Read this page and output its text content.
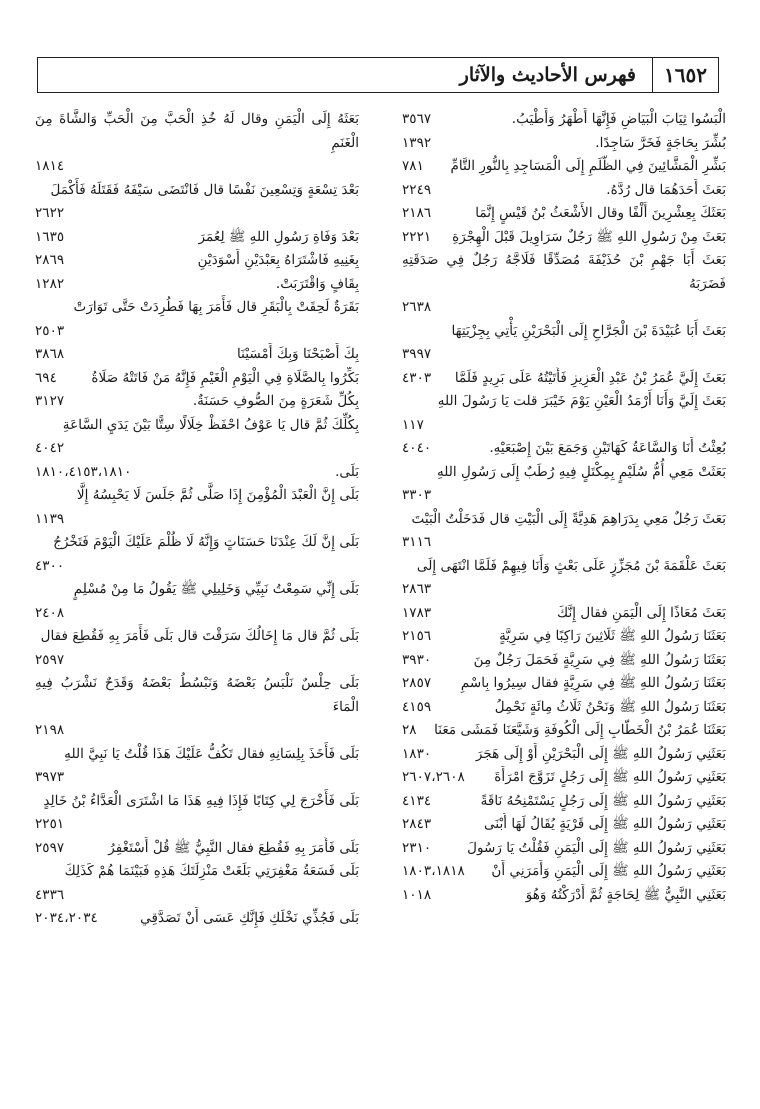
١٦٥٢
فهرس الأحاديث والآثار
الْبَسُوا ثِيَابَ الْبَيَاضِ فَإِنَّهَا أَطْهَرُ وَأَطْيَبُ.
٣٥٦٧
بُشِّرَ بِحَاجَةٍ فَخَرَّ سَاجِدًا.
١٣٩٢
بَشِّرِ الْمَشَّائِينَ فِي الظُّلَمِ إِلَى الْمَسَاجِدِ بِالنُّورِ التَّامِّ
٧٨١
بَعَثَ أَحَدَهُمَا قال رُدَّهُ.
٢٢٤٩
بَعَثَكَ بِعِشْرِينَ أَلْفًا وقال الأَشْعَثُ بْنُ قَيْسٍ إِنَّمَا
٢١٨٦
بَعَثَ مِنْ رَسُولِ اللهِ ﷺ رَجُلٌ سَرَاوِيلَ قَبْلَ الْهِجْرَةِ
٢٢٢١
بَعَثَ أَبَا جَهْمِ بْنَ حُذَيْفَةَ مُصَدِّقًا فَلَاجَّهُ رَجُلٌ فِي صَدَقَتِهِ فَضَرَبَهُ
٢٦٣٨
بَعَثَ أَبَا عُبَيْدَةَ بْنَ الْجَرَّاحِ إِلَى الْبَحْرَيْنِ يَأْتِي بِجِزْيَتِهَا
٣٩٩٧
بَعَثَ إِلَيَّ عُمَرُ بْنُ عَبْدِ الْعَزِيزِ فَأَتَيْتُهُ عَلَى بَرِيدٍ فَلَمَّا
٤٣٠٣
بَعَثَ إِلَيَّ وَأَنَا أَرْمَدُ الْعَيْنِ يَوْمَ خَيْبَرَ قلت يَا رَسُولَ اللهِ
١١٧
بُعِثْتُ أَنَا وَالسَّاعَةُ كَهَاتَيْنِ وَجَمَعَ بَيْنَ إِصْبَعَيْهِ.
٤٠٤٠
بَعَثَتْ مَعِي أُمُّ سُلَيْمٍ بِمِكْتَلٍ فِيهِ رُطَبٌ إِلَى رَسُولِ اللهِ
٣٣٠٣
بَعَثَ رَجُلٌ مَعِي بِدَرَاهِمَ هَدِيَّةً إِلَى الْبَيْتِ قال فَدَخَلْتُ الْبَيْتَ
٣١١٦
بَعَثَ عَلْقَمَةَ بْنَ مُجَزِّزٍ عَلَى بَعْثٍ وَأَنَا فِيهِمْ فَلَمَّا انْتَهَى إِلَى
٢٨٦٣
بَعَثَ مُعَاذًا إِلَى الْيَمَنِ فقال إِنَّكَ
١٧٨٣
بَعَثَنَا رَسُولُ اللهِ ﷺ ثَلَاثِينَ رَاكِبًا فِي سَرِيَّةٍ
٢١٥٦
بَعَثَنَا رَسُولُ اللهِ ﷺ فِي سَرِيَّةٍ فَحَمَلَ رَجُلٌ مِنَ
٣٩٣٠
بَعَثَنَا رَسُولُ اللهِ ﷺ فِي سَرِيَّةٍ فقال سِيرُوا بِاسْمِ
٢٨٥٧
بَعَثَنَا رَسُولُ اللهِ ﷺ وَنَحْنُ ثَلَاثُ مِائَةٍ نَحْمِلُ
٤١٥٩
بَعَثَنَا عُمَرُ بْنُ الْخَطَّابِ إِلَى الْكُوفَةِ وَشَيَّعَنَا فَمَشَى مَعَنَا
٢٨
بَعَثَنِي رَسُولُ اللهِ ﷺ إِلَى الْبَحْرَيْنِ أَوْ إِلَى هَجَرَ
١٨٣٠
بَعَثَنِي رَسُولُ اللهِ ﷺ إِلَى رَجُلٍ تَزَوَّجَ امْرَأَةَ
٢٦٠٧،٢٦٠٨
بَعَثَنِي رَسُولُ اللهِ ﷺ إِلَى رَجُلٍ يَسْتَمْنِحُهُ نَاقَةً
٤١٣٤
بَعَثَنِي رَسُولُ اللهِ ﷺ إِلَى قَرْيَةٍ يُقَالُ لَهَا أُبْنَى
٢٨٤٣
بَعَثَنِي رَسُولُ اللهِ ﷺ إِلَى الْيَمَنِ فَقُلْتُ يَا رَسُولَ
٢٣١٠
بَعَثَنِي رَسُولُ اللهِ ﷺ إِلَى الْيَمَنِ وَأَمَرَنِي أَنْ
١٨٠٣،١٨١٨
بَعَثَنِي النَّبِيُّ ﷺ لِحَاجَةٍ ثُمَّ أَدْرَكْتُهُ وَهُوَ
١٠١٨
بَعَثَهُ إِلَى الْيَمَنِ وقال لَهُ خُذِ الْحَبَّ مِنَ الْحَبِّ وَالشَّاةَ مِنَ الْغَنَمِ
١٨١٤
بَعْدَ تِسْعَةٍ وَتِسْعِينَ نَفْسًا قال فَانْتَضَى سَيْفَهُ فَقَتَلَهُ فَأَكْمَلَ
٢٦٢٢
بَعْدَ وَفَاةِ رَسُولِ اللهِ ﷺ لِعُمَرَ
١٦٣٥
بِغَنِيهِ فَاشْتَرَاهُ بِعَبْدَيْنِ أَسْوَدَيْنِ
٢٨٦٩
بِقَافٍ وَاقْتَرَبَتْ.
١٢٨٢
بَقَرَةٌ لَحِقَتْ بِالْبَقَرِ قال فَأَمَرَ بِهَا فَطُرِدَتْ حَتَّى تَوَارَتْ
٢٥٠٣
بِكَ أَصْبَحْنَا وَبِكَ أَمْسَيْنَا
٣٨٦٨
بَكِّرُوا بِالصَّلَاةِ فِي الْيَوْمِ الْغَيْمِ فَإِنَّهُ مَنْ فَاتَتْهُ صَلَاةُ
٦٩٤
بِكُلِّ شَعَرَةٍ مِنَ الصُّوفِ حَسَنَةٌ.
٣١٢٧
بِكُلِّكَ ثُمَّ قال يَا عَوْفُ احْفَظْ خِلَالًا سِتًّا بَيْنَ يَدَيِ السَّاعَةِ
٤٠٤٢
بَلَى.
١٨١٠،٤١٥٣،١٨١٠
بَلَى إِنَّ الْعَبْدَ الْمُؤْمِنَ إِذَا صَلَّى ثُمَّ جَلَسَ لَا يَحْبِسُهُ إِلَّا
١١٣٩
بَلَى إِنَّ لَكَ عِنْدَنَا حَسَنَاتٍ وَإِنَّهُ لَا ظُلْمَ عَلَيْكَ الْيَوْمَ فَتَخْرُجُ
٤٣٠٠
بَلَى إِنِّي سَمِعْتُ نَبِيِّي وَخَلِيلِي ﷺ يَقُولُ مَا مِنْ مُسْلِمٍ
٢٤٠٨
بَلَى ثُمَّ قال مَا إِخَالُكَ سَرَقْتَ قال بَلَى فَأَمَرَ بِهِ فَقُطِعَ فقال
٢٥٩٧
بَلَى حِلْسٌ نَلْبَسُ بَعْضَهُ وَنَبْسُطُ بَعْضَهُ وَقَدَحٌ نَشْرَبُ فِيهِ الْمَاءَ
٢١٩٨
بَلَى فَأَخَذَ بِلِسَانِهِ فقال تَكُفُّ عَلَيْكَ هَذَا قُلْتُ يَا نَبِيَّ اللهِ
٣٩٧٣
بَلَى فَأَخْرَجَ لِي كِتَابًا فَإِذَا فِيهِ هَذَا مَا اشْتَرَى الْعَدَّاءُ بْنُ خَالِدٍ
٢٢٥١
بَلَى فَأَمَرَ بِهِ فَقُطِعَ فقال النَّبِيُّ ﷺ قُلْ أَسْتَغْفِرُ
٢٥٩٧
بَلَى فَسَعَةُ مَغْفِرَتِي بَلَغَتْ مَنْزِلَتَكَ هَذِهِ فَبَيْنَمَا هُمْ كَذَلِكَ
٤٣٣٦
بَلَى فَجُذِّي نَخْلَكِ فَإِنَّكِ عَسَى أَنْ تَصَدَّقِي
٢٠٣٤،٢٠٣٤
